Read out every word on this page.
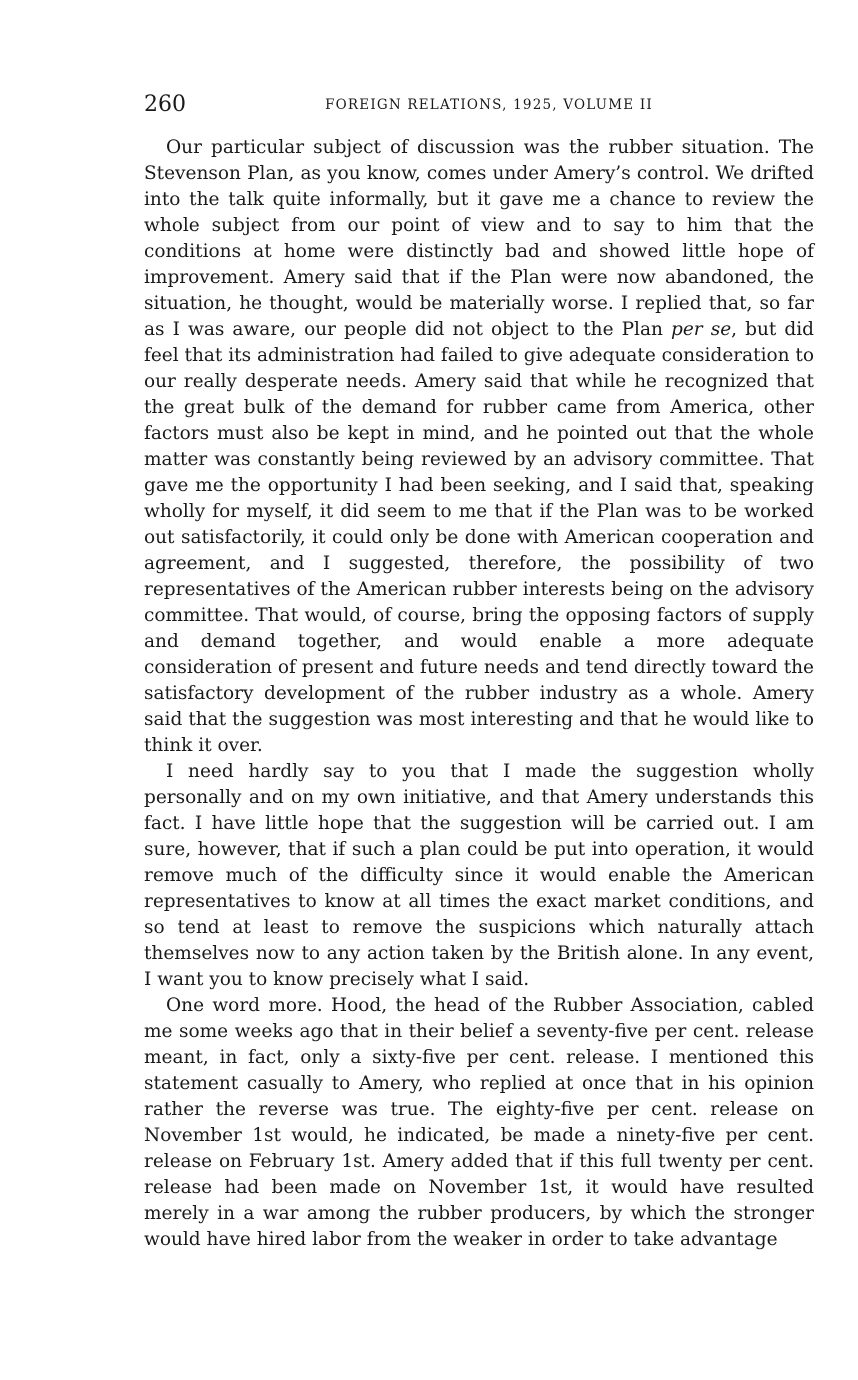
260	FOREIGN RELATIONS, 1925, VOLUME II

Our particular subject of discussion was the rubber situation. The Stevenson Plan, as you know, comes under Amery’s control. We drifted into the talk quite informally, but it gave me a chance to review the whole subject from our point of view and to say to him that the conditions at home were distinctly bad and showed little hope of improvement. Amery said that if the Plan were now abandoned, the situation, he thought, would be materially worse. I replied that, so far as I was aware, our people did not object to the Plan per se, but did feel that its administration had failed to give adequate consideration to our really desperate needs. Amery said that while he recognized that the great bulk of the demand for rubber came from America, other factors must also be kept in mind, and he pointed out that the whole matter was constantly being reviewed by an advisory committee. That gave me the opportunity I had been seeking, and I said that, speaking wholly for myself, it did seem to me that if the Plan was to be worked out satisfactorily, it could only be done with American cooperation and agreement, and I suggested, therefore, the possibility of two representatives of the American rubber interests being on the advisory committee. That would, of course, bring the opposing factors of supply and demand together, and would enable a more adequate consideration of present and future needs and tend directly toward the satisfactory development of the rubber industry as a whole. Amery said that the suggestion was most interesting and that he would like to think it over.

I need hardly say to you that I made the suggestion wholly personally and on my own initiative, and that Amery understands this fact. I have little hope that the suggestion will be carried out. I am sure, however, that if such a plan could be put into operation, it would remove much of the difficulty since it would enable the American representatives to know at all times the exact market conditions, and so tend at least to remove the suspicions which naturally attach themselves now to any action taken by the British alone. In any event, I want you to know precisely what I said.

One word more. Hood, the head of the Rubber Association, cabled me some weeks ago that in their belief a seventy-five per cent. release meant, in fact, only a sixty-five per cent. release. I mentioned this statement casually to Amery, who replied at once that in his opinion rather the reverse was true. The eighty-five per cent. release on November 1st would, he indicated, be made a ninety-five per cent. release on February 1st. Amery added that if this full twenty per cent. release had been made on November 1st, it would have resulted merely in a war among the rubber producers, by which the stronger would have hired labor from the weaker in order to take advantage
